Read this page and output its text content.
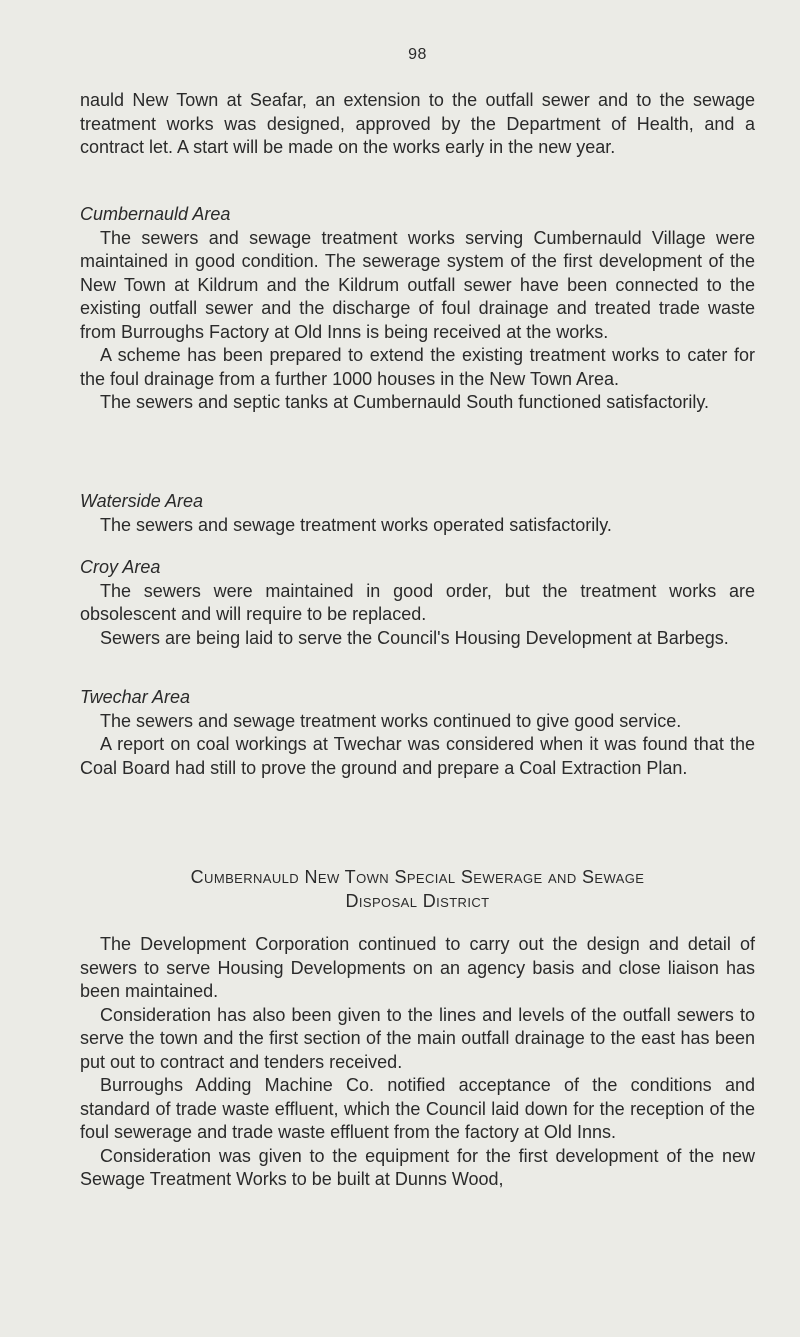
98

nauld New Town at Seafar, an extension to the outfall sewer and to the sewage treatment works was designed, approved by the Department of Health, and a contract let. A start will be made on the works early in the new year.

Cumbernauld Area

The sewers and sewage treatment works serving Cumbernauld Village were maintained in good condition. The sewerage system of the first development of the New Town at Kildrum and the Kildrum outfall sewer have been connected to the existing outfall sewer and the discharge of foul drainage and treated trade waste from Burroughs Factory at Old Inns is being received at the works.

A scheme has been prepared to extend the existing treatment works to cater for the foul drainage from a further 1000 houses in the New Town Area.

The sewers and septic tanks at Cumbernauld South functioned satisfactorily.

Waterside Area

The sewers and sewage treatment works operated satisfactorily.

Croy Area

The sewers were maintained in good order, but the treatment works are obsolescent and will require to be replaced.

Sewers are being laid to serve the Council's Housing Development at Barbegs.

Twechar Area

The sewers and sewage treatment works continued to give good service.

A report on coal workings at Twechar was considered when it was found that the Coal Board had still to prove the ground and prepare a Coal Extraction Plan.

Cumbernauld New Town Special Sewerage and Sewage
Disposal District

The Development Corporation continued to carry out the design and detail of sewers to serve Housing Developments on an agency basis and close liaison has been maintained.

Consideration has also been given to the lines and levels of the outfall sewers to serve the town and the first section of the main outfall drainage to the east has been put out to contract and tenders received.

Burroughs Adding Machine Co. notified acceptance of the conditions and standard of trade waste effluent, which the Council laid down for the reception of the foul sewerage and trade waste effluent from the factory at Old Inns.

Consideration was given to the equipment for the first development of the new Sewage Treatment Works to be built at Dunns Wood,
